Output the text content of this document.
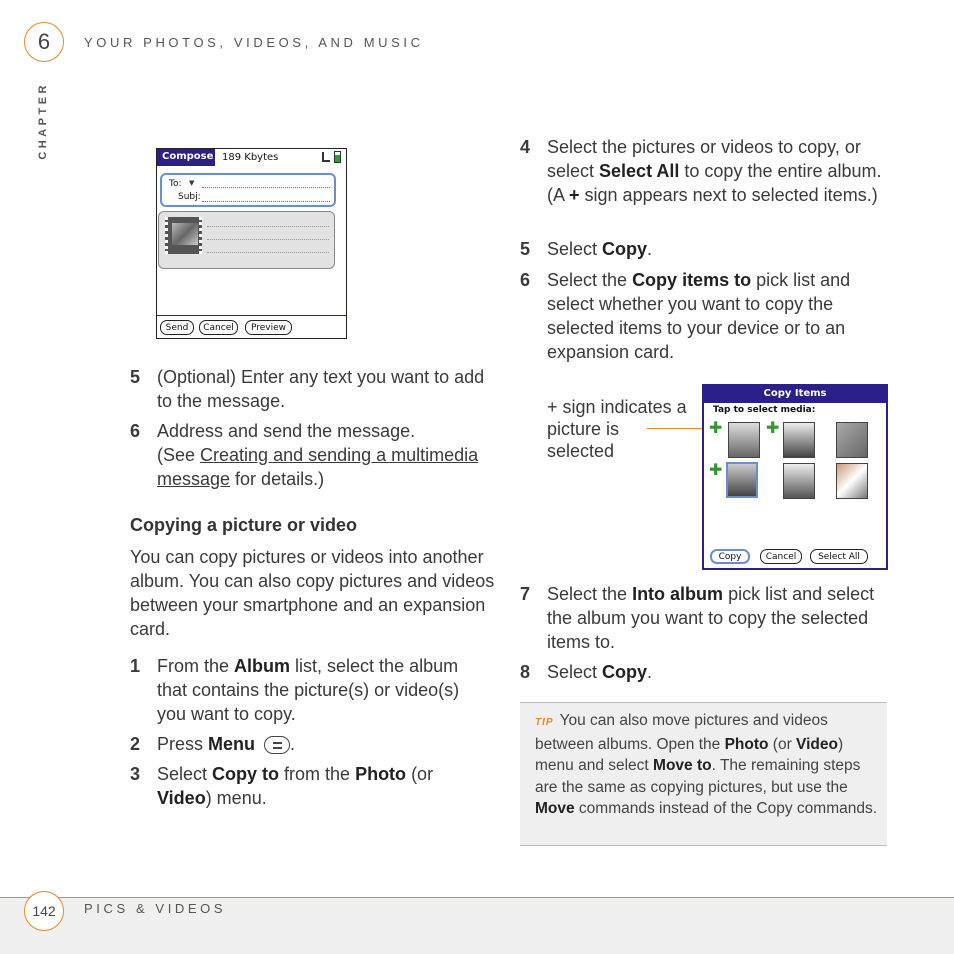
6	YOUR PHOTOS, VIDEOS, AND MUSIC
CHAPTER	Compose 189 Kbytes
To: ▼
Subj:
Send	Cancel	Preview
5 (Optional) Enter any text you want to add to the message.
6 Address and send the message.
(See Creating and sending a multimedia message for details.)
Copying a picture or video
You can copy pictures or videos into another album. You can also copy pictures and videos between your smartphone and an expansion card.
1 From the Album list, select the album that contains the picture(s) or video(s) you want to copy.
2 Press Menu .
3 Select Copy to from the Photo (or Video) menu.
4 Select the pictures or videos to copy, or select Select All to copy the entire album. (A + sign appears next to selected items.)
5 Select Copy.
6 Select the Copy items to pick list and select whether you want to copy the selected items to your device or to an expansion card.
+ sign indicates a picture is selected
Copy Items
Tap to select media:
✚	✚
✚
Copy	Cancel	Select All
7 Select the Into album pick list and select the album you want to copy the selected items to.
8 Select Copy.
TIP You can also move pictures and videos between albums. Open the Photo (or Video) menu and select Move to. The remaining steps are the same as copying pictures, but use the Move commands instead of the Copy commands.
142	PICS & VIDEOS
